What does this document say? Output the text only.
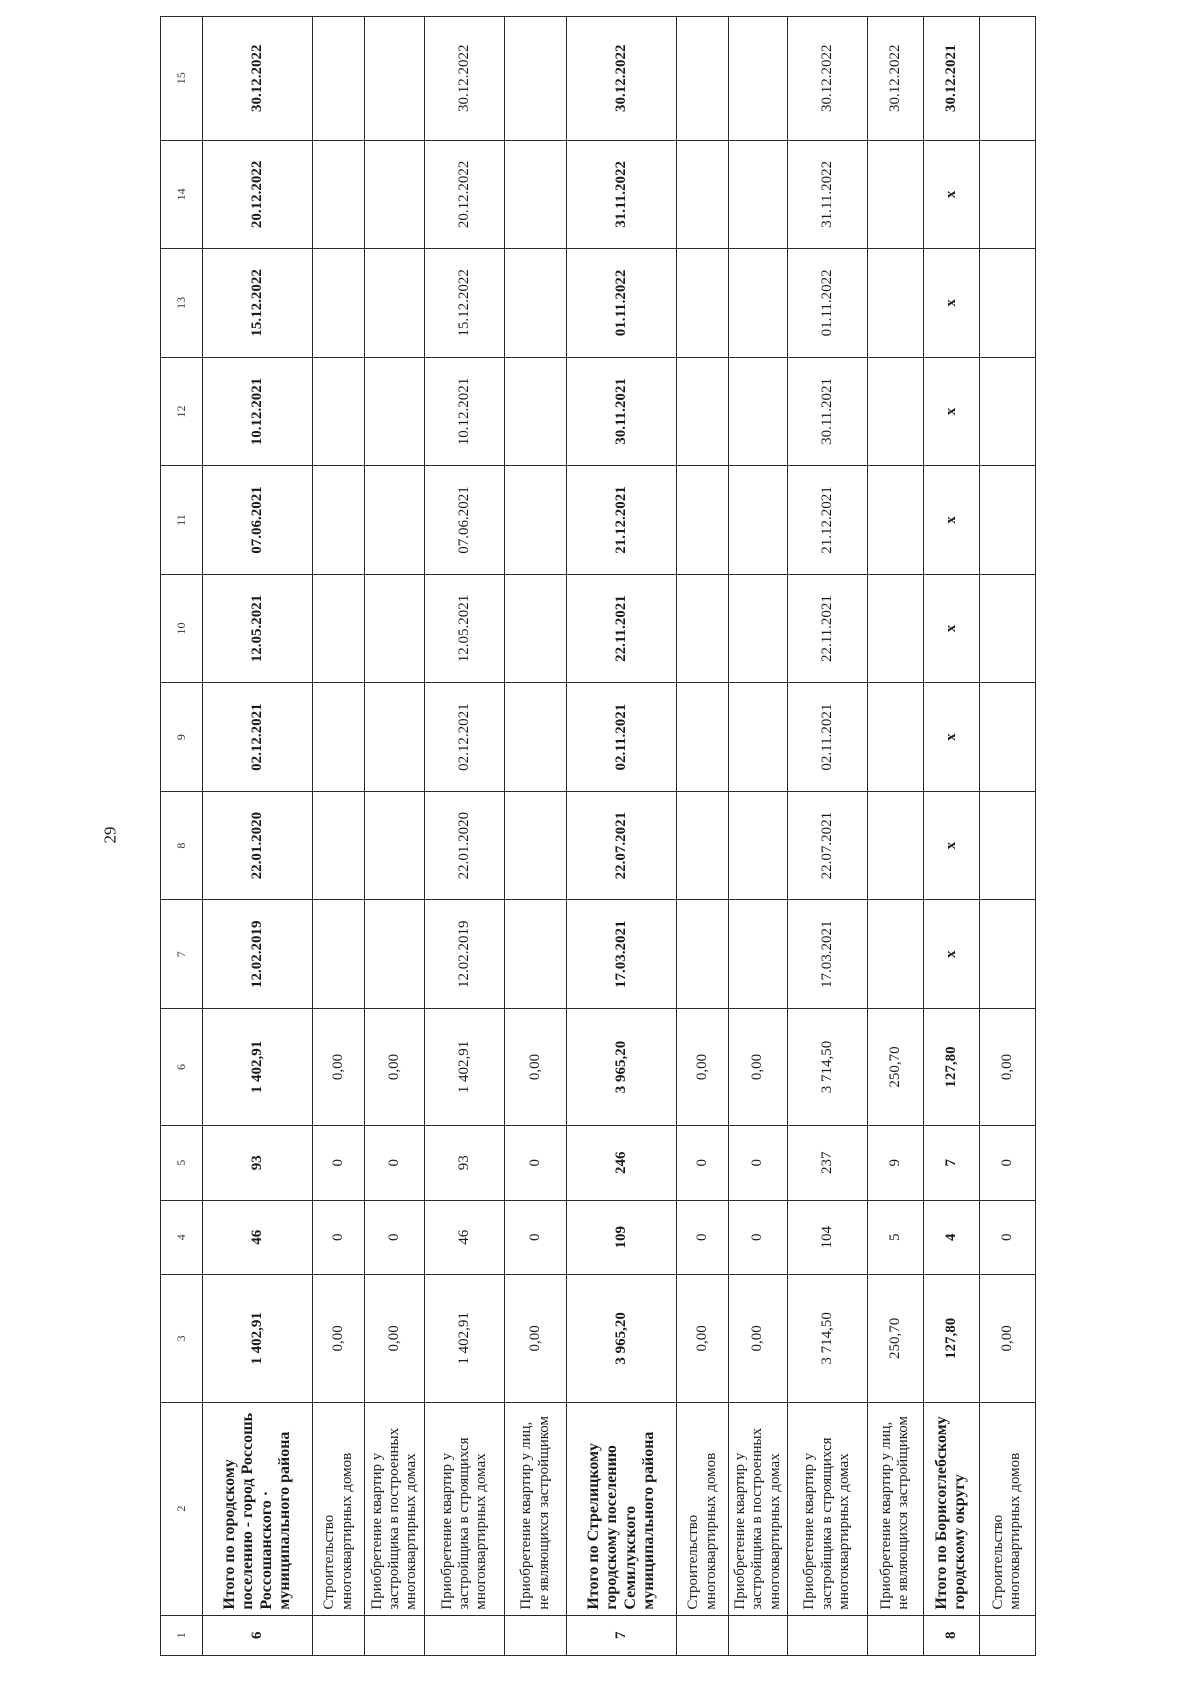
29
1	2	3	4	5	6	7	8	9	10	11	12	13	14	15
6	Итого по городскому поселению - город Россошь Россошанского · муниципального района	1 402,91	46	93	1 402,91	12.02.2019	22.01.2020	02.12.2021	12.05.2021	07.06.2021	10.12.2021	15.12.2022	20.12.2022	30.12.2022
	Строительство многоквартирных домов	0,00	0	0	0,00									
	Приобретение квартир у застройщика в построенных многоквартирных домах	0,00	0	0	0,00									
	Приобретение квартир у застройщика в строящихся многоквартирных домах	1 402,91	46	93	1 402,91	12.02.2019	22.01.2020	02.12.2021	12.05.2021	07.06.2021	10.12.2021	15.12.2022	20.12.2022	30.12.2022
	Приобретение квартир у лиц, не являющихся застройщиком	0,00	0	0	0,00									
7	Итого по Стрелицкому городскому поселению Семилукского муниципального района	3 965,20	109	246	3 965,20	17.03.2021	22.07.2021	02.11.2021	22.11.2021	21.12.2021	30.11.2021	01.11.2022	31.11.2022	30.12.2022
	Строительство многоквартирных домов	0,00	0	0	0,00									
	Приобретение квартир у застройщика в построенных многоквартирных домах	0,00	0	0	0,00									
	Приобретение квартир у застройщика в строящихся многоквартирных домах	3 714,50	104	237	3 714,50	17.03.2021	22.07.2021	02.11.2021	22.11.2021	21.12.2021	30.11.2021	01.11.2022	31.11.2022	30.12.2022
	Приобретение квартир у лиц, не являющихся застройщиком	250,70	5	9	250,70									30.12.2022
8	Итого по Борисоглебскому городскому округу	127,80	4	7	127,80	x	x	x	x	x	x	x	x	30.12.2021
	Строительство многоквартирных домов	0,00	0	0	0,00									
